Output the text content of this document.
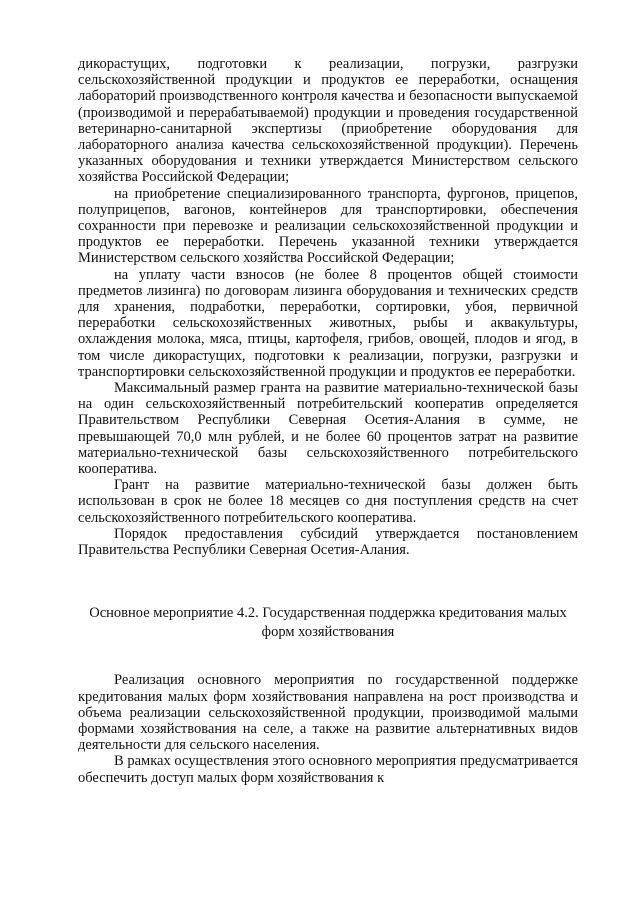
дикорастущих, подготовки к реализации, погрузки, разгрузки сельскохозяйственной продукции и продуктов ее переработки, оснащения лабораторий производственного контроля качества и безопасности выпускаемой (производимой и перерабатываемой) продукции и проведения государственной ветеринарно-санитарной экспертизы (приобретение оборудования для лабораторного анализа качества сельскохозяйственной продукции). Перечень указанных оборудования и техники утверждается Министерством сельского хозяйства Российской Федерации;

на приобретение специализированного транспорта, фургонов, прицепов, полуприцепов, вагонов, контейнеров для транспортировки, обеспечения сохранности при перевозке и реализации сельскохозяйственной продукции и продуктов ее переработки. Перечень указанной техники утверждается Министерством сельского хозяйства Российской Федерации;

на уплату части взносов (не более 8 процентов общей стоимости предметов лизинга) по договорам лизинга оборудования и технических средств для хранения, подработки, переработки, сортировки, убоя, первичной переработки сельскохозяйственных животных, рыбы и аквакультуры, охлаждения молока, мяса, птицы, картофеля, грибов, овощей, плодов и ягод, в том числе дикорастущих, подготовки к реализации, погрузки, разгрузки и транспортировки сельскохозяйственной продукции и продуктов ее переработки.

Максимальный размер гранта на развитие материально-технической базы на один сельскохозяйственный потребительский кооператив определяется Правительством Республики Северная Осетия-Алания в сумме, не превышающей 70,0 млн рублей, и не более 60 процентов затрат на развитие материально-технической базы сельскохозяйственного потребительского кооператива.

Грант на развитие материально-технической базы должен быть использован в срок не более 18 месяцев со дня поступления средств на счет сельскохозяйственного потребительского кооператива.

Порядок предоставления субсидий утверждается постановлением Правительства Республики Северная Осетия-Алания.

Основное мероприятие 4.2. Государственная поддержка кредитования малых форм хозяйствования

Реализация основного мероприятия по государственной поддержке кредитования малых форм хозяйствования направлена на рост производства и объема реализации сельскохозяйственной продукции, производимой малыми формами хозяйствования на селе, а также на развитие альтернативных видов деятельности для сельского населения.

В рамках осуществления этого основного мероприятия предусматривается обеспечить доступ малых форм хозяйствования к
